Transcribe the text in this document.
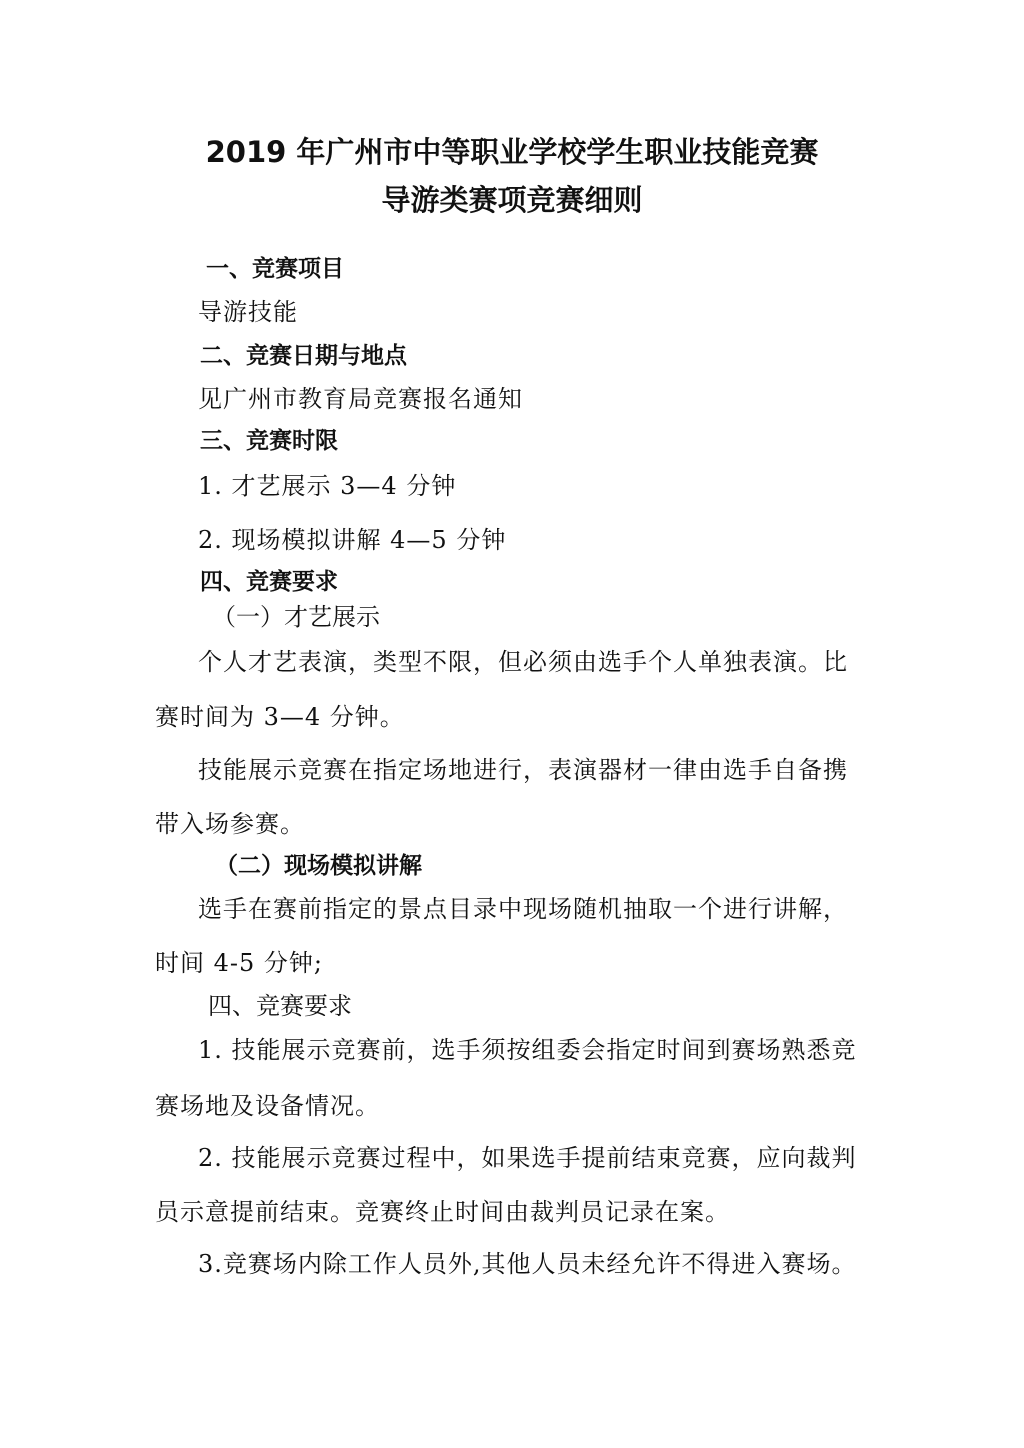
2019 年广州市中等职业学校学生职业技能竞赛
导游类赛项竞赛细则
一、竞赛项目
导游技能
二、竞赛日期与地点
见广州市教育局竞赛报名通知
三、竞赛时限
1. 才艺展示 3—4 分钟
2. 现场模拟讲解 4—5 分钟
四、竞赛要求
（一）才艺展示
个人才艺表演，类型不限，但必须由选手个人单独表演。比
赛时间为 3—4 分钟。
技能展示竞赛在指定场地进行，表演器材一律由选手自备携
带入场参赛。
（二）现场模拟讲解
选手在赛前指定的景点目录中现场随机抽取一个进行讲解，
时间 4-5 分钟;
四、竞赛要求
1. 技能展示竞赛前，选手须按组委会指定时间到赛场熟悉竞
赛场地及设备情况。
2. 技能展示竞赛过程中，如果选手提前结束竞赛，应向裁判
员示意提前结束。竞赛终止时间由裁判员记录在案。
3.竞赛场内除工作人员外,其他人员未经允许不得进入赛场。
